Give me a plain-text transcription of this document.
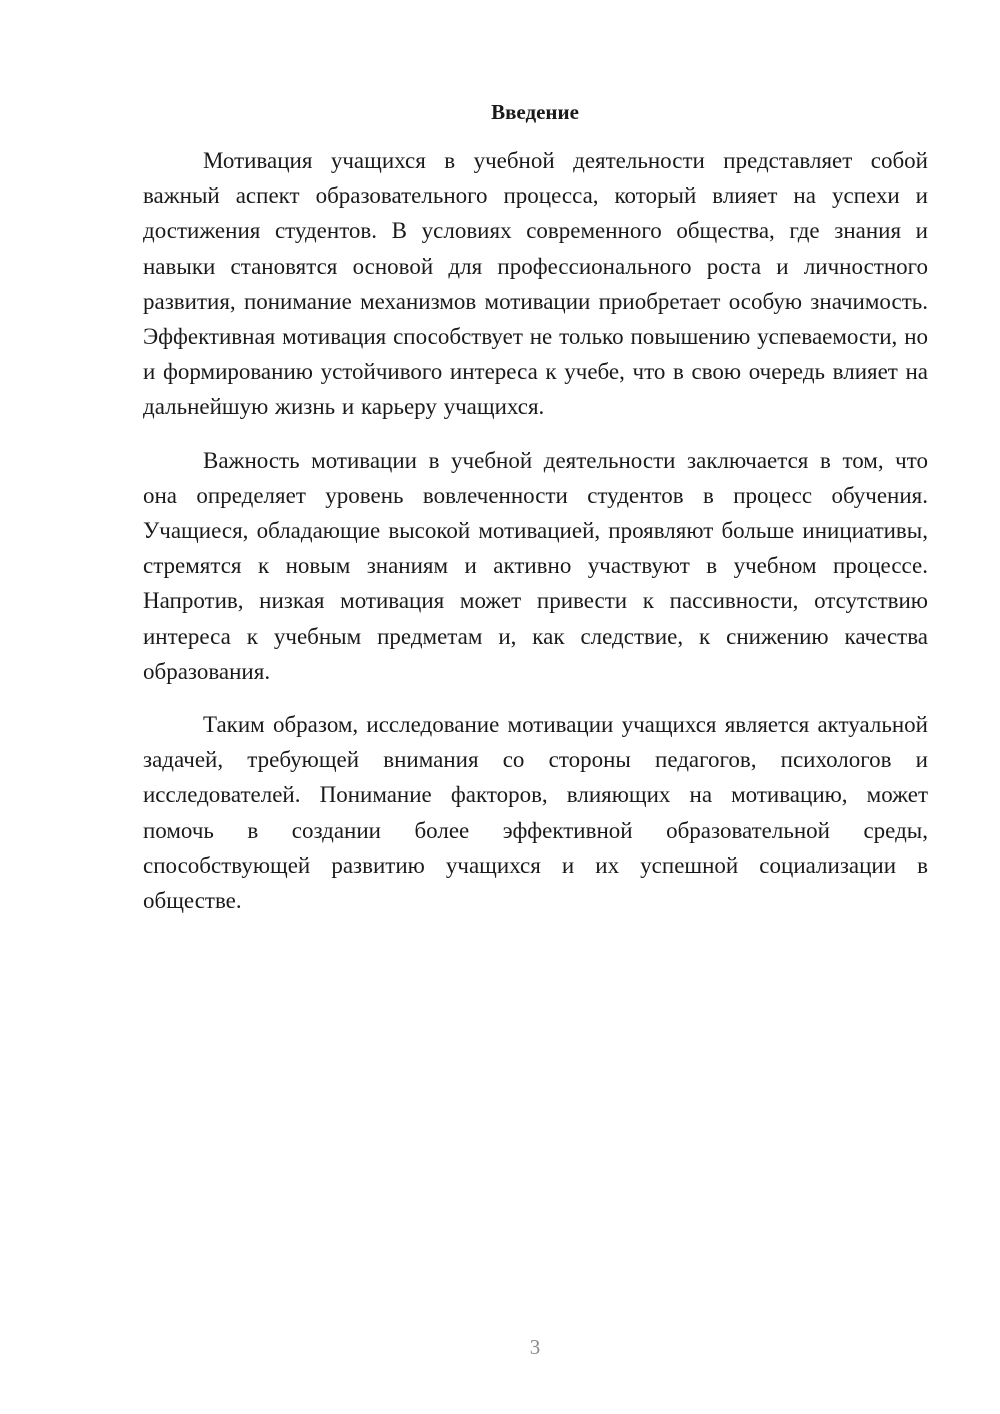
Введение

Мотивация учащихся в учебной деятельности представляет собой важный аспект образовательного процесса, который влияет на успехи и достижения студентов. В условиях современного общества, где знания и навыки становятся основой для профессионального роста и личностного развития, понимание механизмов мотивации приобретает особую значимость. Эффективная мотивация способствует не только повышению успеваемости, но и формированию устойчивого интереса к учебе, что в свою очередь влияет на дальнейшую жизнь и карьеру учащихся.

Важность мотивации в учебной деятельности заключается в том, что она определяет уровень вовлеченности студентов в процесс обучения. Учащиеся, обладающие высокой мотивацией, проявляют больше инициативы, стремятся к новым знаниям и активно участвуют в учебном процессе. Напротив, низкая мотивация может привести к пассивности, отсутствию интереса к учебным предметам и, как следствие, к снижению качества образования.

Таким образом, исследование мотивации учащихся является актуальной задачей, требующей внимания со стороны педагогов, психологов и исследователей. Понимание факторов, влияющих на мотивацию, может помочь в создании более эффективной образовательной среды, способствующей развитию учащихся и их успешной социализации в обществе.

3
